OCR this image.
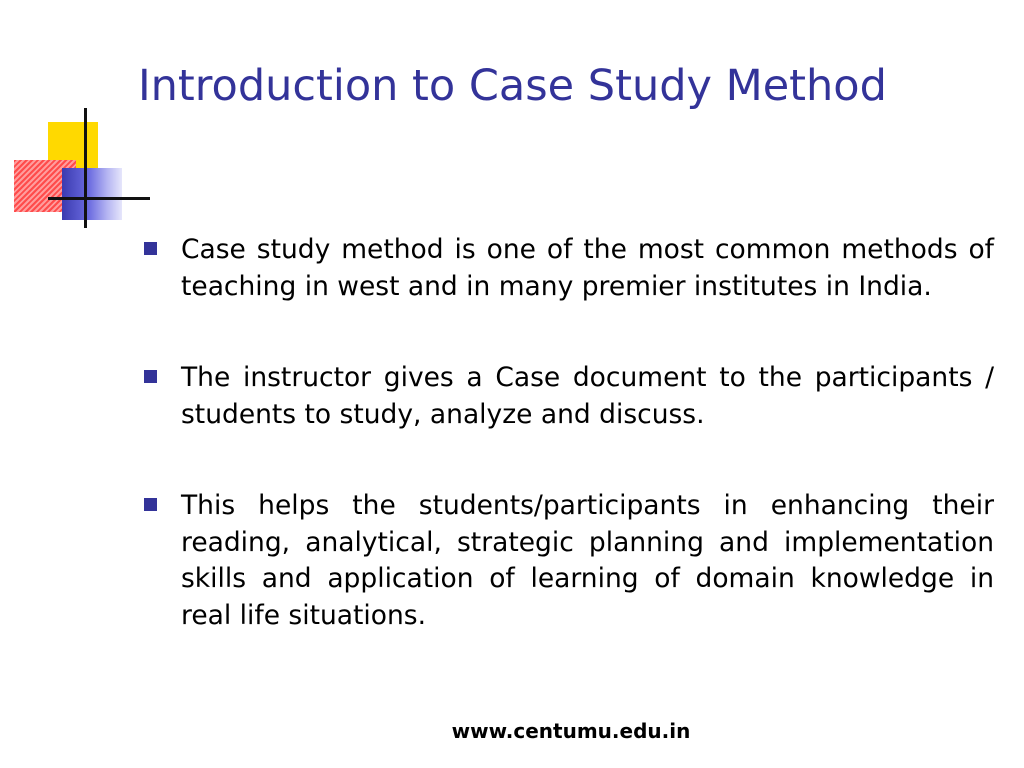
Introduction to Case Study Method
Case study method is one of the most common methods of teaching in west and in many premier institutes in India.
The instructor gives a Case document to the participants / students to study, analyze and discuss.
This helps the students/participants in enhancing their reading, analytical, strategic planning and implementation skills and application of learning of domain knowledge in real life situations.
www.centumu.edu.in
